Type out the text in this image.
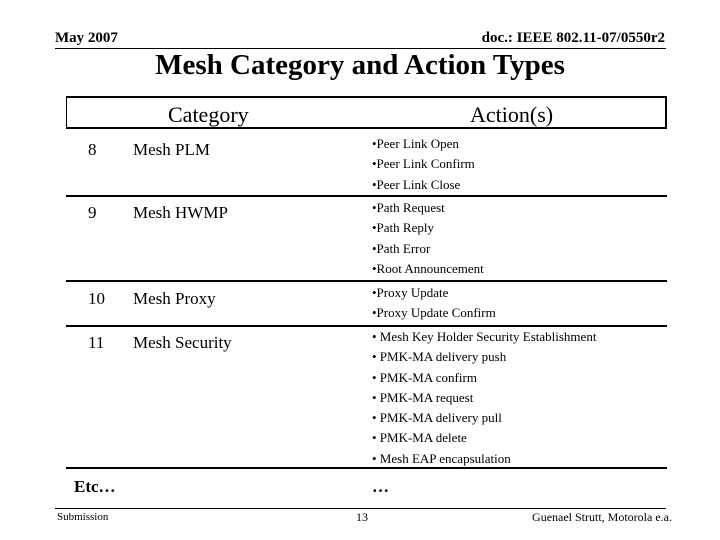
May 2007	doc.: IEEE 802.11-07/0550r2
Mesh Category and Action Types
Category	Action(s)
8 Mesh PLM	•Peer Link Open
•Peer Link Confirm
•Peer Link Close
9 Mesh HWMP	•Path Request
•Path Reply
•Path Error
•Root Announcement
10 Mesh Proxy	•Proxy Update
•Proxy Update Confirm
11 Mesh Security	• Mesh Key Holder Security Establishment
• PMK-MA delivery push
• PMK-MA confirm
• PMK-MA request
• PMK-MA delivery pull
• PMK-MA delete
• Mesh EAP encapsulation
Etc…	…
Submission	13	Guenael Strutt, Motorola e.a.
